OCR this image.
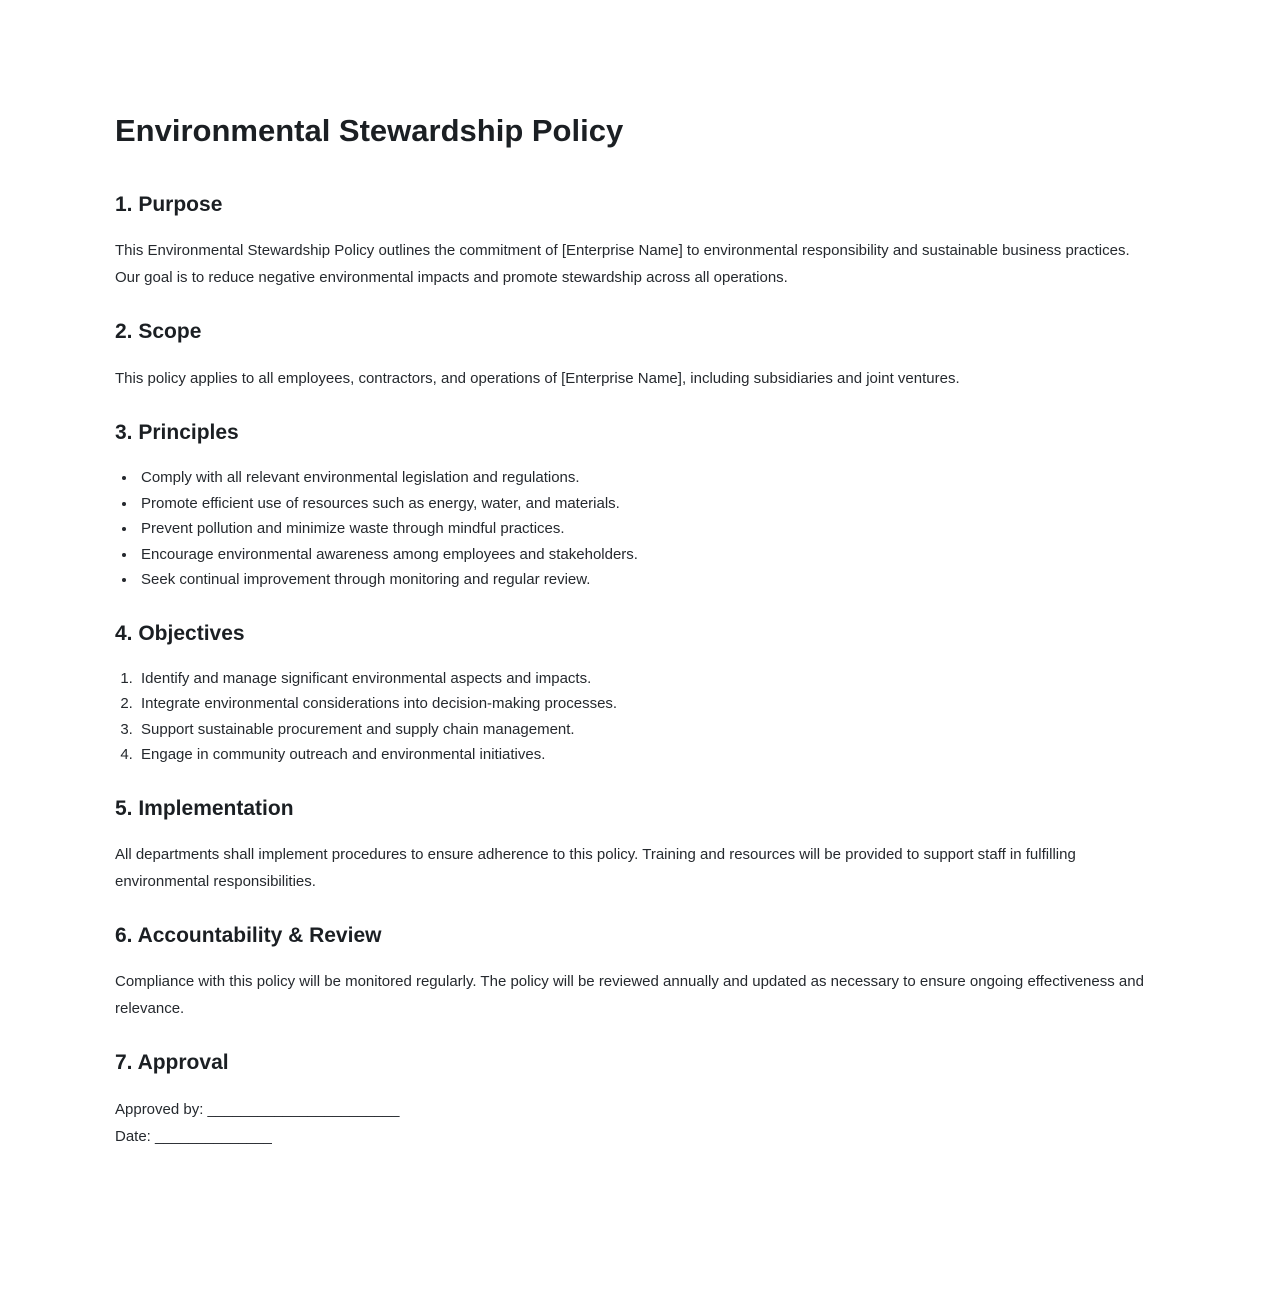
Environmental Stewardship Policy
1. Purpose

This Environmental Stewardship Policy outlines the commitment of [Enterprise Name] to environmental responsibility and sustainable business practices. Our goal is to reduce negative environmental impacts and promote stewardship across all operations.

2. Scope

This policy applies to all employees, contractors, and operations of [Enterprise Name], including subsidiaries and joint ventures.

3. Principles
• Comply with all relevant environmental legislation and regulations.
• Promote efficient use of resources such as energy, water, and materials.
• Prevent pollution and minimize waste through mindful practices.
• Encourage environmental awareness among employees and stakeholders.
• Seek continual improvement through monitoring and regular review.
4. Objectives
1. Identify and manage significant environmental aspects and impacts.
2. Integrate environmental considerations into decision-making processes.
3. Support sustainable procurement and supply chain management.
4. Engage in community outreach and environmental initiatives.
5. Implementation

All departments shall implement procedures to ensure adherence to this policy. Training and resources will be provided to support staff in fulfilling environmental responsibilities.

6. Accountability & Review

Compliance with this policy will be monitored regularly. The policy will be reviewed annually and updated as necessary to ensure ongoing effectiveness and relevance.

7. Approval

Approved by: _______________________
Date: ______________
